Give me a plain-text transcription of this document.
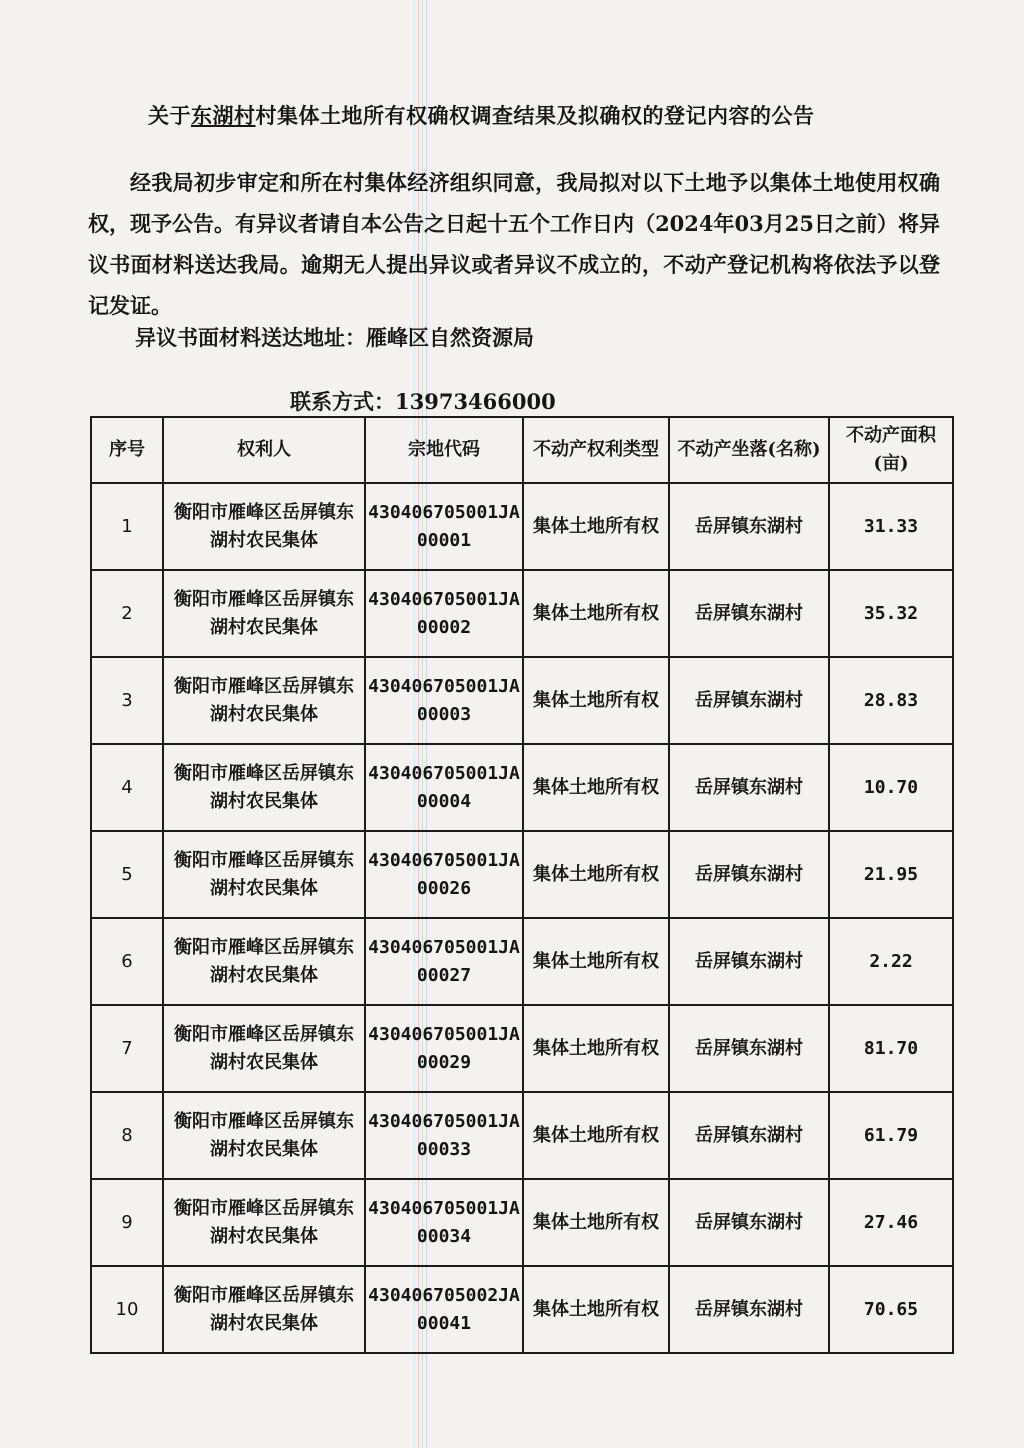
关于东湖村村集体土地所有权确权调查结果及拟确权的登记内容的公告
经我局初步审定和所在村集体经济组织同意，我局拟对以下土地予以集体土地使用权确权，现予公告。有异议者请自本公告之日起十五个工作日内（2024年03月25日之前）将异议书面材料送达我局。逾期无人提出异议或者异议不成立的，不动产登记机构将依法予以登记发证。
异议书面材料送达地址：雁峰区自然资源局
联系方式：13973466000
序号	权利人	宗地代码	不动产权利类型	不动产坐落(名称)	不动产面积(亩)
1	衡阳市雁峰区岳屏镇东湖村农民集体	430406705001JA00001	集体土地所有权	岳屏镇东湖村	31.33
2	衡阳市雁峰区岳屏镇东湖村农民集体	430406705001JA00002	集体土地所有权	岳屏镇东湖村	35.32
3	衡阳市雁峰区岳屏镇东湖村农民集体	430406705001JA00003	集体土地所有权	岳屏镇东湖村	28.83
4	衡阳市雁峰区岳屏镇东湖村农民集体	430406705001JA00004	集体土地所有权	岳屏镇东湖村	10.70
5	衡阳市雁峰区岳屏镇东湖村农民集体	430406705001JA00026	集体土地所有权	岳屏镇东湖村	21.95
6	衡阳市雁峰区岳屏镇东湖村农民集体	430406705001JA00027	集体土地所有权	岳屏镇东湖村	2.22
7	衡阳市雁峰区岳屏镇东湖村农民集体	430406705001JA00029	集体土地所有权	岳屏镇东湖村	81.70
8	衡阳市雁峰区岳屏镇东湖村农民集体	430406705001JA00033	集体土地所有权	岳屏镇东湖村	61.79
9	衡阳市雁峰区岳屏镇东湖村农民集体	430406705001JA00034	集体土地所有权	岳屏镇东湖村	27.46
10	衡阳市雁峰区岳屏镇东湖村农民集体	430406705002JA00041	集体土地所有权	岳屏镇东湖村	70.65
